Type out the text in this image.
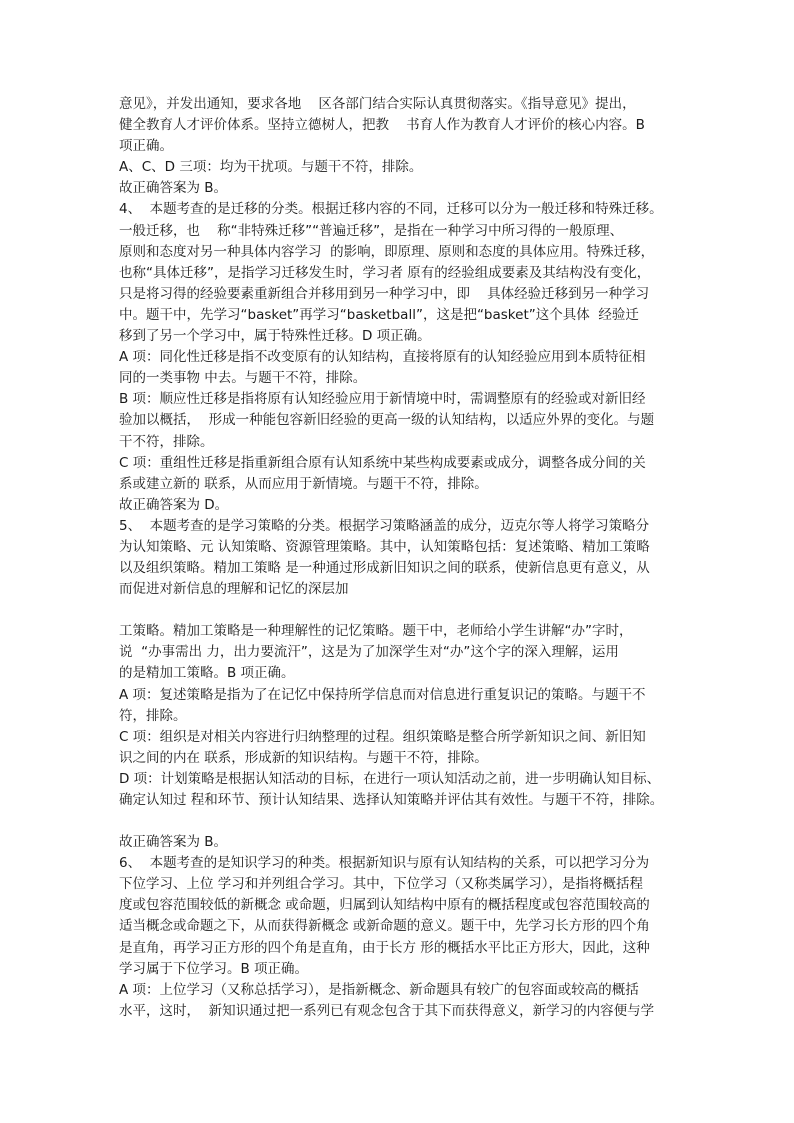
意见》，并发出通知，要求各地    区各部门结合实际认真贯彻落实。《指导意见》提出，
健全教育人才评价体系。坚持立德树人，把教    书育人作为教育人才评价的核心内容。B
项正确。
A、C、D 三项：均为干扰项。与题干不符，排除。
故正确答案为 B。
4、  本题考查的是迁移的分类。根据迁移内容的不同，迁移可以分为一般迁移和特殊迁移。
一般迁移，也    称“非特殊迁移”“普遍迁移”，是指在一种学习中所习得的一般原理、
原则和态度对另一种具体内容学习  的影响，即原理、原则和态度的具体应用。特殊迁移，
也称“具体迁移”，是指学习迁移发生时，学习者 原有的经验组成要素及其结构没有变化，
只是将习得的经验要素重新组合并移用到另一种学习中，即    具体经验迁移到另一种学习
中。题干中，先学习“basket”再学习“basketball”，这是把“basket”这个具体  经验迁
移到了另一个学习中，属于特殊性迁移。D 项正确。
A 项：同化性迁移是指不改变原有的认知结构，直接将原有的认知经验应用到本质特征相
同的一类事物 中去。与题干不符，排除。
B 项：顺应性迁移是指将原有认知经验应用于新情境中时，需调整原有的经验或对新旧经
验加以概括，  形成一种能包容新旧经验的更高一级的认知结构，以适应外界的变化。与题
干不符，排除。
C 项：重组性迁移是指重新组合原有认知系统中某些构成要素或成分，调整各成分间的关
系或建立新的 联系，从而应用于新情境。与题干不符，排除。
故正确答案为 D。
5、  本题考查的是学习策略的分类。根据学习策略涵盖的成分，迈克尔等人将学习策略分
为认知策略、元 认知策略、资源管理策略。其中，认知策略包括：复述策略、精加工策略
以及组织策略。精加工策略 是一种通过形成新旧知识之间的联系，使新信息更有意义，从
而促进对新信息的理解和记忆的深层加
工策略。精加工策略是一种理解性的记忆策略。题干中，老师给小学生讲解“办”字时，
说  “办事需出 力，出力要流汗”，这是为了加深学生对“办”这个字的深入理解，运用
的是精加工策略。B 项正确。
A 项：复述策略是指为了在记忆中保持所学信息而对信息进行重复识记的策略。与题干不
符，排除。
C 项：组织是对相关内容进行归纳整理的过程。组织策略是整合所学新知识之间、新旧知
识之间的内在 联系，形成新的知识结构。与题干不符，排除。
D 项：计划策略是根据认知活动的目标，在进行一项认知活动之前，进一步明确认知目标、
确定认知过 程和环节、预计认知结果、选择认知策略并评估其有效性。与题干不符，排除。
故正确答案为 B。
6、  本题考查的是知识学习的种类。根据新知识与原有认知结构的关系，可以把学习分为
下位学习、上位 学习和并列组合学习。其中，下位学习（又称类属学习），是指将概括程
度或包容范围较低的新概念 或命题，归属到认知结构中原有的概括程度或包容范围较高的
适当概念或命题之下，从而获得新概念 或新命题的意义。题干中，先学习长方形的四个角
是直角，再学习正方形的四个角是直角，由于长方 形的概括水平比正方形大，因此，这种
学习属于下位学习。B 项正确。
A 项：上位学习（又称总括学习），是指新概念、新命题具有较广的包容面或较高的概括
水平，这时，  新知识通过把一系列已有观念包含于其下而获得意义，新学习的内容便与学
